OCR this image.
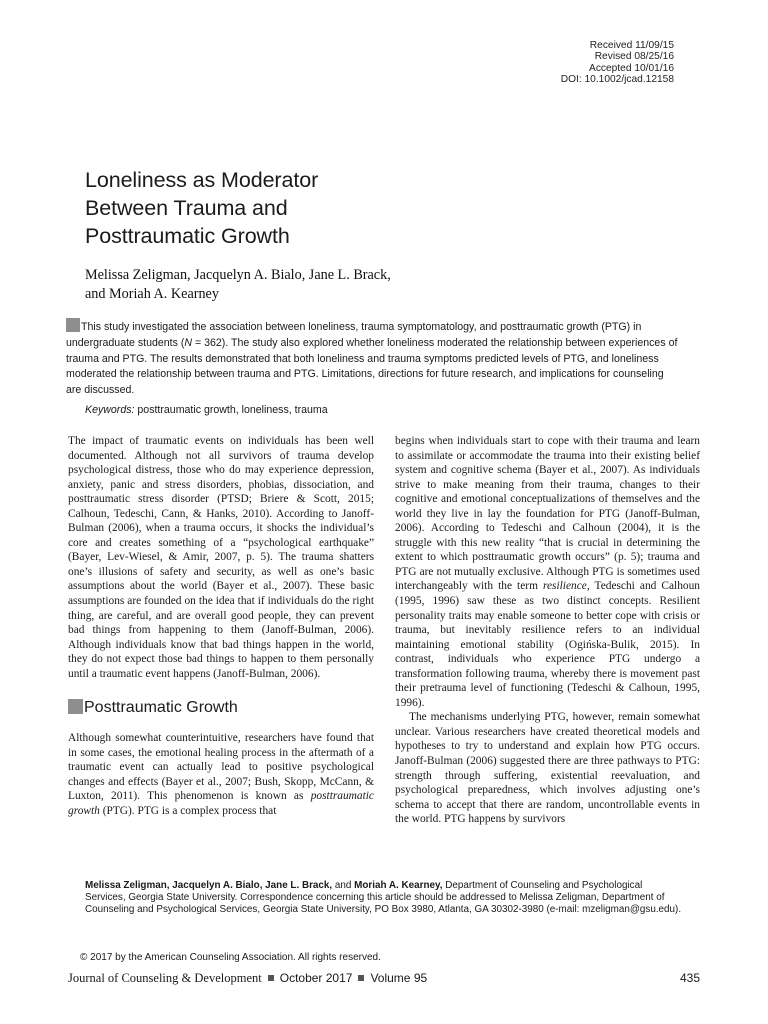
Received 11/09/15
Revised 08/25/16
Accepted 10/01/16
DOI: 10.1002/jcad.12158
Loneliness as Moderator
Between Trauma and
Posttraumatic Growth
Melissa Zeligman, Jacquelyn A. Bialo, Jane L. Brack,
and Moriah A. Kearney
This study investigated the association between loneliness, trauma symptomatology, and posttraumatic growth (PTG) in undergraduate students (N = 362). The study also explored whether loneliness moderated the relationship between experiences of trauma and PTG. The results demonstrated that both loneliness and trauma symptoms predicted levels of PTG, and loneliness moderated the relationship between trauma and PTG. Limitations, directions for future research, and implications for counseling are discussed.
Keywords: posttraumatic growth, loneliness, trauma

The impact of traumatic events on individuals has been well documented. Although not all survivors of trauma develop psychological distress, those who do may experience depression, anxiety, panic and stress disorders, phobias, dissociation, and posttraumatic stress disorder (PTSD; Briere & Scott, 2015; Calhoun, Tedeschi, Cann, & Hanks, 2010). According to Janoff-Bulman (2006), when a trauma occurs, it shocks the individual’s core and creates something of a “psychological earthquake” (Bayer, Lev-Wiesel, & Amir, 2007, p. 5). The trauma shatters one’s illusions of safety and security, as well as one’s basic assumptions about the world (Bayer et al., 2007). These basic assumptions are founded on the idea that if individuals do the right thing, are careful, and are overall good people, they can prevent bad things from happening to them (Janoff-Bulman, 2006). Although individuals know that bad things happen in the world, they do not expect those bad things to happen to them personally until a traumatic event happens (Janoff-Bulman, 2006).

Posttraumatic Growth

Although somewhat counterintuitive, researchers have found that in some cases, the emotional healing process in the aftermath of a traumatic event can actually lead to positive psychological changes and effects (Bayer et al., 2007; Bush, Skopp, McCann, & Luxton, 2011). This phenomenon is known as posttraumatic growth (PTG). PTG is a complex process that

begins when individuals start to cope with their trauma and learn to assimilate or accommodate the trauma into their existing belief system and cognitive schema (Bayer et al., 2007). As individuals strive to make meaning from their trauma, changes to their cognitive and emotional conceptualizations of themselves and the world they live in lay the foundation for PTG (Janoff-Bulman, 2006). According to Tedeschi and Calhoun (2004), it is the struggle with this new reality “that is crucial in determining the extent to which posttraumatic growth occurs” (p. 5); trauma and PTG are not mutually exclusive. Although PTG is sometimes used interchangeably with the term resilience, Tedeschi and Calhoun (1995, 1996) saw these as two distinct concepts. Resilient personality traits may enable someone to better cope with crisis or trauma, but inevitably resilience refers to an individual maintaining emotional stability (Ogińska-Bulik, 2015). In contrast, individuals who experience PTG undergo a transformation following trauma, whereby there is movement past their pretrauma level of functioning (Tedeschi & Calhoun, 1995, 1996).

The mechanisms underlying PTG, however, remain somewhat unclear. Various researchers have created theoretical models and hypotheses to try to understand and explain how PTG occurs. Janoff-Bulman (2006) suggested there are three pathways to PTG: strength through suffering, existential reevaluation, and psychological preparedness, which involves adjusting one’s schema to accept that there are random, uncontrollable events in the world. PTG happens by survivors

Melissa Zeligman, Jacquelyn A. Bialo, Jane L. Brack, and Moriah A. Kearney, Department of Counseling and Psychological Services, Georgia State University. Correspondence concerning this article should be addressed to Melissa Zeligman, Department of Counseling and Psychological Services, Georgia State University, PO Box 3980, Atlanta, GA 30302-3980 (e-mail: mzeligman@gsu.edu).
© 2017 by the American Counseling Association. All rights reserved.
Journal of Counseling & Development October 2017 Volume 95	435
